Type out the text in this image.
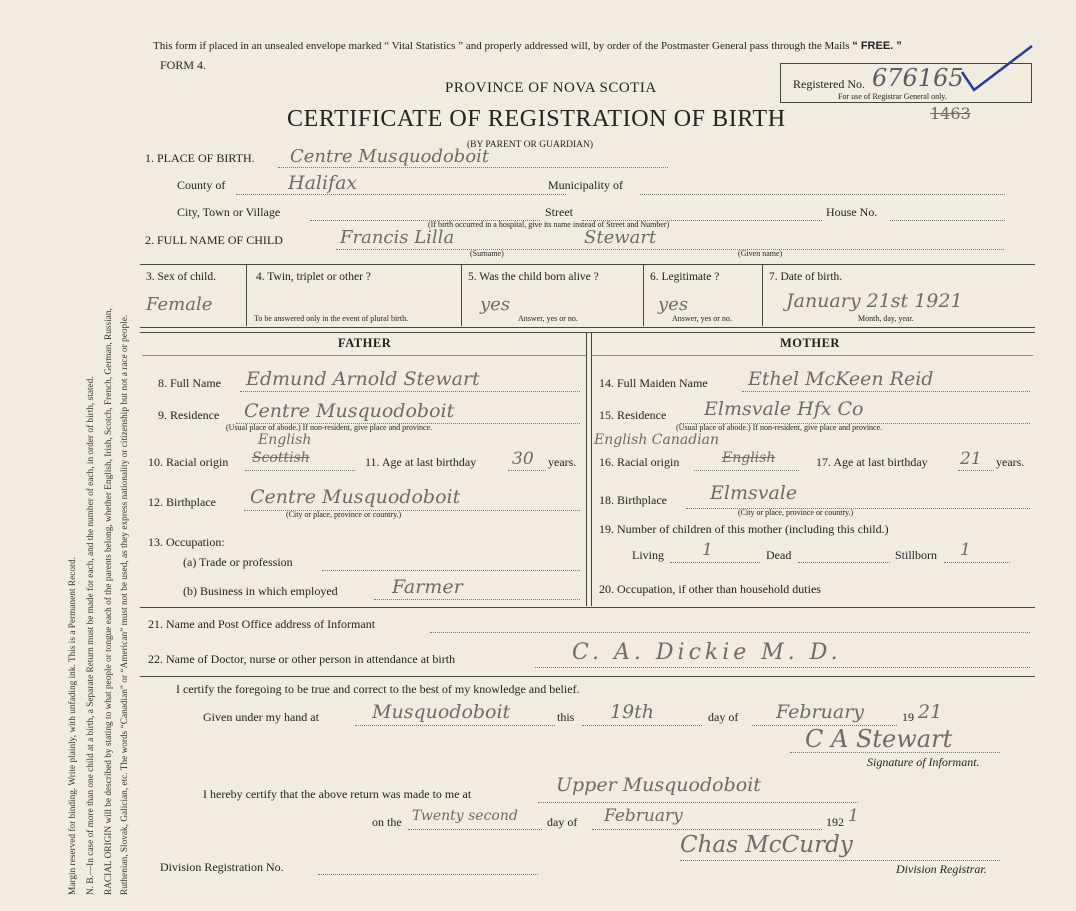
Margin reserved for binding. Write plainly, with unfading ink. This is a Permanent Record. N. B.—In case of more than one child at a birth, a Separate Return must be made for each, and the number of each, in order of birth, stated. RACIAL ORIGIN will be described by stating to what people or tongue each of the parents belong, whether English, Irish, Scotch, French, German, Russian, Ruthenian, Slovak, Galician, etc. The words “Canadian” or “American” must not be used, as they express nationality or citizenship but not a race or people.
This form if placed in an unsealed envelope marked “ Vital Statistics ” and properly addressed will, by order of the Postmaster General pass through the Mails “ FREE. ”
FORM 4.
PROVINCE OF NOVA SCOTIA
CERTIFICATE OF REGISTRATION OF BIRTH
(BY PARENT OR GUARDIAN)
Registered No. 676165
For use of Registrar General only.
1463
1. PLACE OF BIRTH. Centre Musquodoboit
County of	Halifax	Municipality of
City, Town or Village	Street	House No.
(If birth occurred in a hospital, give its name instead of Street and Number)
2. FULL NAME OF CHILD	Francis Lilla	Stewart
(Surname)	(Given name)
3. Sex of child.
Female
4. Twin, triplet or other ?
To be answered only in the event of plural birth.
5. Was the child born alive ?
yes
Answer, yes or no.
6. Legitimate ?
yes
Answer, yes or no.
7. Date of birth.
January 21st 1921
Month, day, year.
FATHER	MOTHER
8. Full Name Edmund Arnold Stewart
9. Residence Centre Musquodoboit
(Usual place of abode.) If non-resident, give place and province.
10. Racial origin
English
Scottish	11. Age at last birthday 30 years.
12. Birthplace Centre Musquodoboit
(City or place, province or country.)
13. Occupation:
(a) Trade or profession
(b) Business in which employed	Farmer
14. Full Maiden Name Ethel McKeen Reid
15. Residence Elmsvale Hfx Co
(Usual place of abode.) If non-resident, give place and province.
16. Racial origin
English Canadian
English	17. Age at last birthday 21 years.
18. Birthplace Elmsvale
(City or place, province or country.)
19. Number of children of this mother (including this child.)
Living 1	Dead	Stillborn 1
20. Occupation, if other than household duties
21. Name and Post Office address of Informant
22. Name of Doctor, nurse or other person in attendance at birth	C. A. Dickie M. D.
I certify the foregoing to be true and correct to the best of my knowledge and belief.
Given under my hand at	Musquodoboit	this 19th	day of February	19 21
C A Stewart
Signature of Informant.
I hereby certify that the above return was made to me at	Upper Musquodoboit
on the Twenty second day of February	192 1
Chas McCurdy
Division Registration No.	Division Registrar.
